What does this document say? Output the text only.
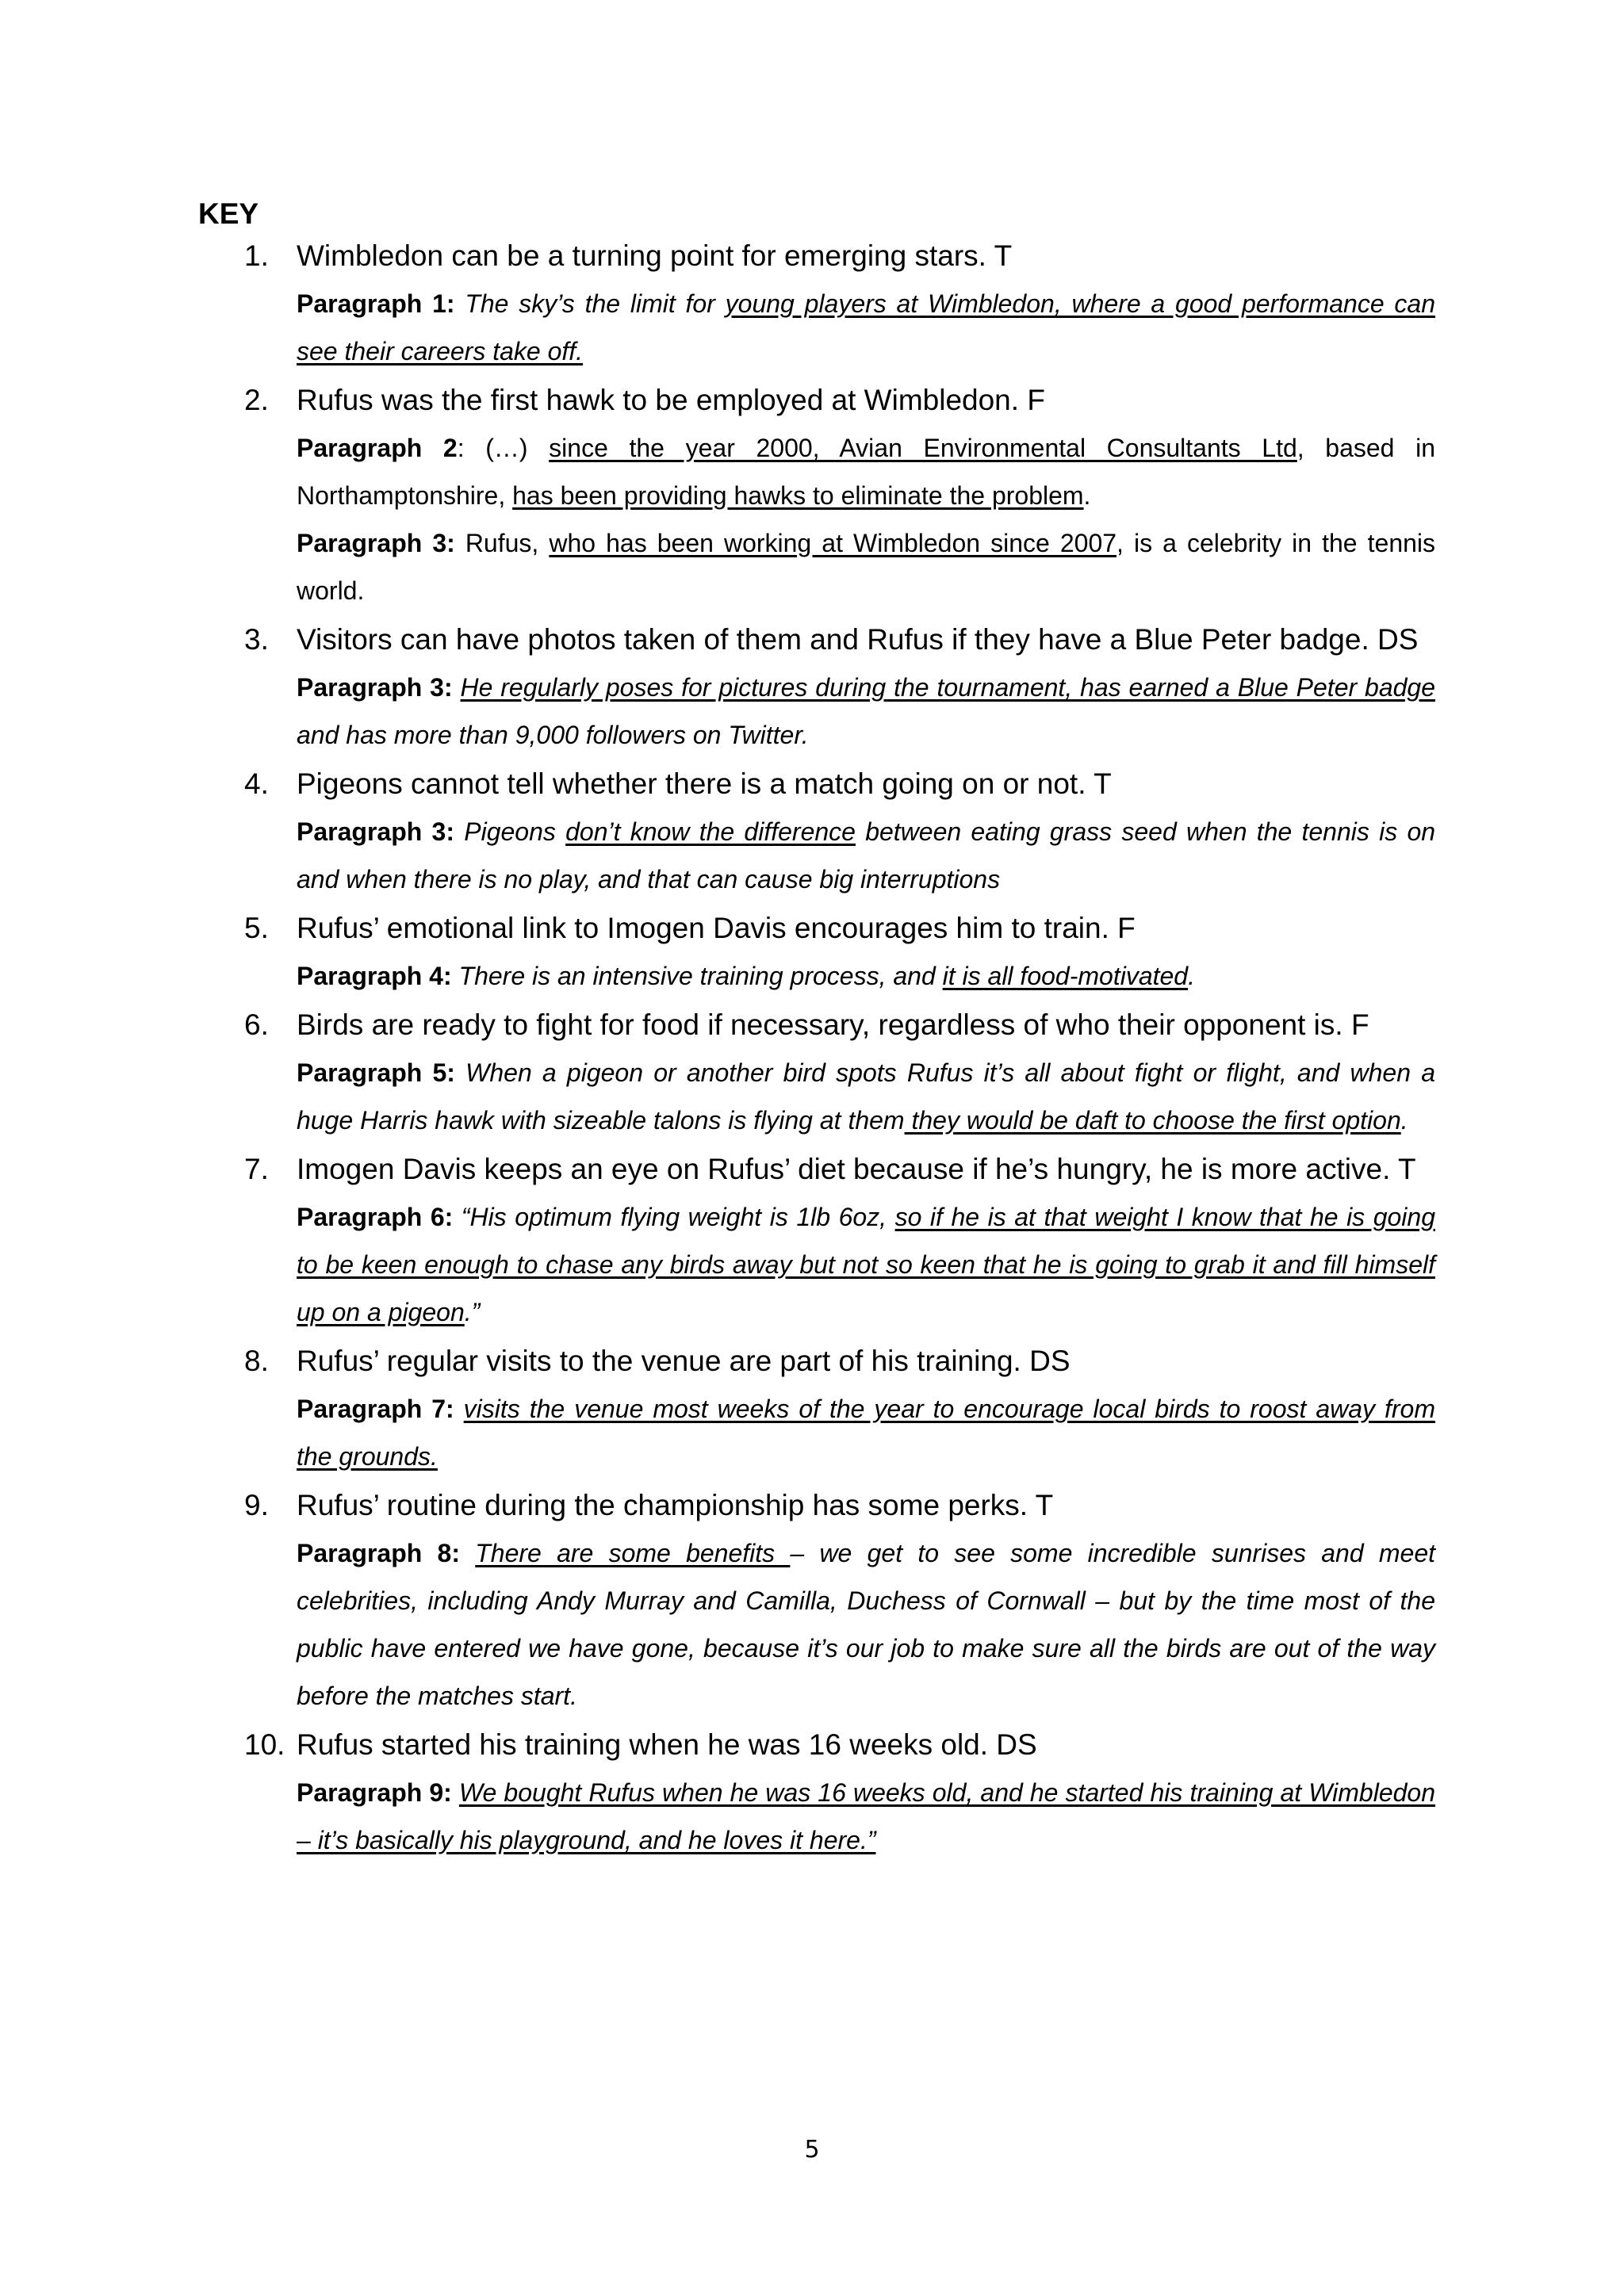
KEY
1. Wimbledon can be a turning point for emerging stars. T

Paragraph 1: The sky’s the limit for young players at Wimbledon, where a good performance can see their careers take off.

2. Rufus was the first hawk to be employed at Wimbledon. F

Paragraph 2: (…) since the year 2000, Avian Environmental Consultants Ltd, based in Northamptonshire, has been providing hawks to eliminate the problem.

Paragraph 3: Rufus, who has been working at Wimbledon since 2007, is a celebrity in the tennis world.

3. Visitors can have photos taken of them and Rufus if they have a Blue Peter badge. DS

Paragraph 3: He regularly poses for pictures during the tournament, has earned a Blue Peter badge and has more than 9,000 followers on Twitter.

4. Pigeons cannot tell whether there is a match going on or not. T

Paragraph 3: Pigeons don’t know the difference between eating grass seed when the tennis is on and when there is no play, and that can cause big interruptions

5. Rufus’ emotional link to Imogen Davis encourages him to train. F

Paragraph 4: There is an intensive training process, and it is all food-motivated.

6. Birds are ready to fight for food if necessary, regardless of who their opponent is. F

Paragraph 5: When a pigeon or another bird spots Rufus it’s all about fight or flight, and when a huge Harris hawk with sizeable talons is flying at them they would be daft to choose the first option.

7. Imogen Davis keeps an eye on Rufus’ diet because if he’s hungry, he is more active. T

Paragraph 6: “His optimum flying weight is 1lb 6oz, so if he is at that weight I know that he is going to be keen enough to chase any birds away but not so keen that he is going to grab it and fill himself up on a pigeon.”

8. Rufus’ regular visits to the venue are part of his training. DS

Paragraph 7: visits the venue most weeks of the year to encourage local birds to roost away from the grounds.

9. Rufus’ routine during the championship has some perks. T

Paragraph 8: There are some benefits – we get to see some incredible sunrises and meet celebrities, including Andy Murray and Camilla, Duchess of Cornwall – but by the time most of the public have entered we have gone, because it’s our job to make sure all the birds are out of the way before the matches start.

10. Rufus started his training when he was 16 weeks old. DS

Paragraph 9: We bought Rufus when he was 16 weeks old, and he started his training at Wimbledon – it’s basically his playground, and he loves it here.”

5
